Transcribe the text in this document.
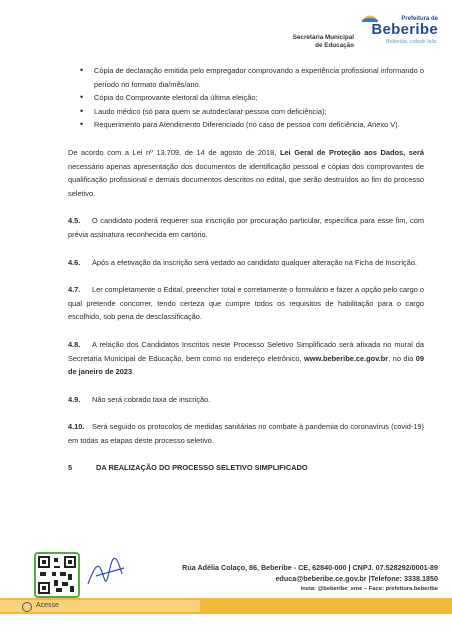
Secretaria Municipal
de Educação
Prefeitura de
Beberibe
Beberibe, cidade feliz.
• Cópia de declaração emitida pelo empregador comprovando a experiência profissional informando o período no formato dia/mês/ano.
• Cópia do Comprovante eleitoral da última eleição;
• Laudo médico (só para quem se autodeclarar pessoa com deficiência);
• Requerimento para Atendimento Diferenciado (no caso de pessoa com deficiência, Anexo V).

De acordo com a Lei nº 13.709, de 14 de agosto de 2018, Lei Geral de Proteção aos Dados, será necessário apenas apresentação dos documentos de identificação pessoal e cópias dos comprovantes de qualificação profissional e demais documentos descritos no edital, que serão destruídos ao fim do processo seletivo.

4.5. O candidato poderá requerer sua inscrição por procuração particular, específica para esse fim, com prévia assinatura reconhecida em cartório.

4.6. Após a efetivação da inscrição será vedado ao candidato qualquer alteração na Ficha de Inscrição.

4.7. Ler completamente o Edital, preencher total e corretamente o formulário e fazer a opção pelo cargo o qual pretende concorrer, tendo certeza que cumpre todos os requisitos de habilitação para o cargo escolhido, sob pena de desclassificação.

4.8. A relação dos Candidatos Inscritos neste Processo Seletivo Simplificado será afixada no mural da Secretaria Municipal de Educação, bem como no endereço eletrônico, www.beberibe.ce.gov.br, no dia 09 de janeiro de 2023.

4.9. Não será cobrado taxa de inscrição.

4.10. Será seguido os protocolos de medidas sanitárias no combate à pandemia do coronavírus (covid-19) em todas as etapas deste processo seletivo.

5	DA REALIZAÇÃO DO PROCESSO SELETIVO SIMPLIFICADO

Rua Adélia Colaço, 86, Beberibe - CE, 62840-000 | CNPJ. 07.528292/0001-89
educa@beberibe.ce.gov.br |Telefone: 3338.1850
insta: @beberibe_sme – Face: prefeitura.beberibe
Acesse
